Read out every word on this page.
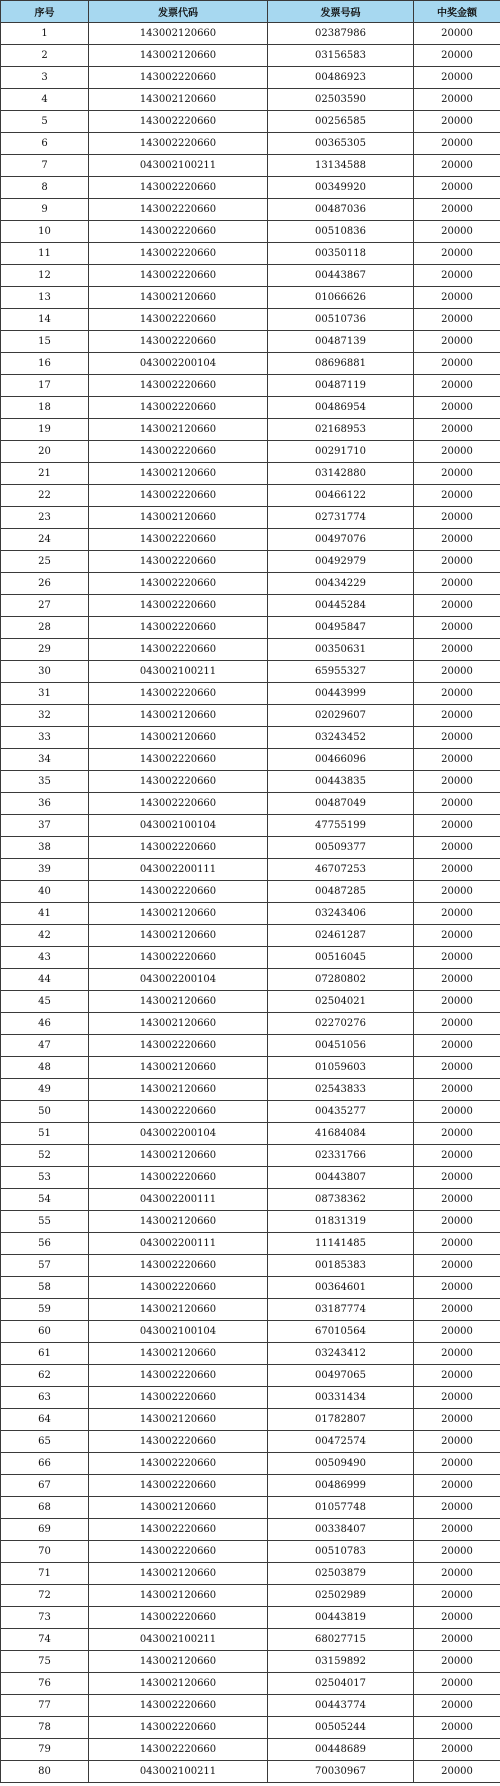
序号	发票代码	发票号码	中奖金额
1	143002120660	02387986	20000
2	143002120660	03156583	20000
3	143002220660	00486923	20000
4	143002120660	02503590	20000
5	143002220660	00256585	20000
6	143002220660	00365305	20000
7	043002100211	13134588	20000
8	143002220660	00349920	20000
9	143002220660	00487036	20000
10	143002220660	00510836	20000
11	143002220660	00350118	20000
12	143002220660	00443867	20000
13	143002120660	01066626	20000
14	143002220660	00510736	20000
15	143002220660	00487139	20000
16	043002200104	08696881	20000
17	143002220660	00487119	20000
18	143002220660	00486954	20000
19	143002120660	02168953	20000
20	143002220660	00291710	20000
21	143002120660	03142880	20000
22	143002220660	00466122	20000
23	143002120660	02731774	20000
24	143002220660	00497076	20000
25	143002220660	00492979	20000
26	143002220660	00434229	20000
27	143002220660	00445284	20000
28	143002220660	00495847	20000
29	143002220660	00350631	20000
30	043002100211	65955327	20000
31	143002220660	00443999	20000
32	143002120660	02029607	20000
33	143002120660	03243452	20000
34	143002220660	00466096	20000
35	143002220660	00443835	20000
36	143002220660	00487049	20000
37	043002100104	47755199	20000
38	143002220660	00509377	20000
39	043002200111	46707253	20000
40	143002220660	00487285	20000
41	143002120660	03243406	20000
42	143002120660	02461287	20000
43	143002220660	00516045	20000
44	043002200104	07280802	20000
45	143002120660	02504021	20000
46	143002120660	02270276	20000
47	143002220660	00451056	20000
48	143002120660	01059603	20000
49	143002120660	02543833	20000
50	143002220660	00435277	20000
51	043002200104	41684084	20000
52	143002120660	02331766	20000
53	143002220660	00443807	20000
54	043002200111	08738362	20000
55	143002120660	01831319	20000
56	043002200111	11141485	20000
57	143002220660	00185383	20000
58	143002220660	00364601	20000
59	143002120660	03187774	20000
60	043002100104	67010564	20000
61	143002120660	03243412	20000
62	143002220660	00497065	20000
63	143002220660	00331434	20000
64	143002120660	01782807	20000
65	143002220660	00472574	20000
66	143002220660	00509490	20000
67	143002220660	00486999	20000
68	143002120660	01057748	20000
69	143002220660	00338407	20000
70	143002220660	00510783	20000
71	143002120660	02503879	20000
72	143002120660	02502989	20000
73	143002220660	00443819	20000
74	043002100211	68027715	20000
75	143002120660	03159892	20000
76	143002120660	02504017	20000
77	143002220660	00443774	20000
78	143002220660	00505244	20000
79	143002220660	00448689	20000
80	043002100211	70030967	20000
